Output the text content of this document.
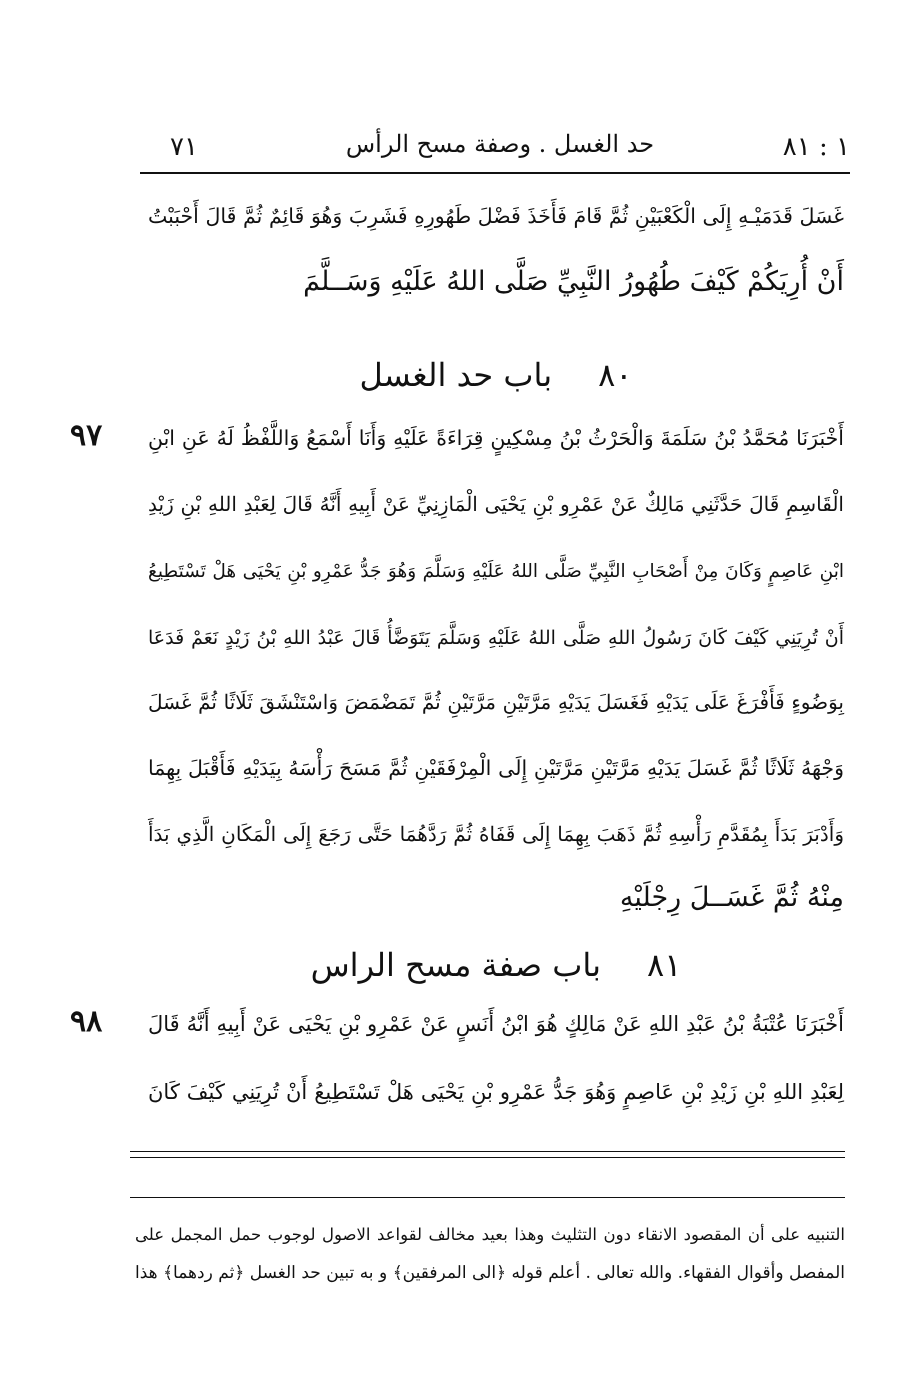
١ : ٨١
حد الغسل . وصفة مسح الرأس
٧١
غَسَلَ قَدَمَيْـهِ إِلَى الْكَعْبَيْنِ ثُمَّ قَامَ فَأَخَذَ فَضْلَ طَهُورِهِ فَشَرِبَ وَهُوَ قَائِمٌ ثُمَّ قَالَ أَحْبَبْتُ
أَنْ أُرِيَكُمْ كَيْفَ طُهُورُ النَّبِيِّ صَلَّى اللهُ عَلَيْهِ وَسَــلَّمَ
٨٠باب حد الغسل
٩٧	أَخْبَرَنَا مُحَمَّدُ بْنُ سَلَمَةَ وَالْحَرْثُ بْنُ مِسْكِينٍ قِرَاءَةً عَلَيْهِ وَأَنَا أَسْمَعُ وَاللَّفْظُ لَهُ عَنِ ابْنِ
الْقَاسِمِ قَالَ حَدَّثَنِي مَالِكٌ عَنْ عَمْرِو بْنِ يَحْيَى الْمَازِنِيِّ عَنْ أَبِيهِ أَنَّهُ قَالَ لِعَبْدِ اللهِ بْنِ زَيْدِ
ابْنِ عَاصِمٍ وَكَانَ مِنْ أَصْحَابِ النَّبِيِّ صَلَّى اللهُ عَلَيْهِ وَسَلَّمَ وَهُوَ جَدُّ عَمْرِو بْنِ يَحْيَى هَلْ تَسْتَطِيعُ
أَنْ تُرِيَنِي كَيْفَ كَانَ رَسُولُ اللهِ صَلَّى اللهُ عَلَيْهِ وَسَلَّمَ يَتَوَضَّأُ قَالَ عَبْدُ اللهِ بْنُ زَيْدٍ نَعَمْ فَدَعَا
بِوَضُوءٍ فَأَفْرَغَ عَلَى يَدَيْهِ فَغَسَلَ يَدَيْهِ مَرَّتَيْنِ مَرَّتَيْنِ ثُمَّ تَمَضْمَضَ وَاسْتَنْشَقَ ثَلَاثًا ثُمَّ غَسَلَ
وَجْهَهُ ثَلَاثًا ثُمَّ غَسَلَ يَدَيْهِ مَرَّتَيْنِ مَرَّتَيْنِ إِلَى الْمِرْفَقَيْنِ ثُمَّ مَسَحَ رَأْسَهُ بِيَدَيْهِ فَأَقْبَلَ بِهِمَا
وَأَدْبَرَ بَدَأَ بِمُقَدَّمِ رَأْسِهِ ثُمَّ ذَهَبَ بِهِمَا إِلَى قَفَاهُ ثُمَّ رَدَّهُمَا حَتَّى رَجَعَ إِلَى الْمَكَانِ الَّذِي بَدَأَ
مِنْهُ ثُمَّ غَسَــلَ رِجْلَيْهِ
٨١باب صفة مسح الراس
٩٨	أَخْبَرَنَا عُتْبَةُ بْنُ عَبْدِ اللهِ عَنْ مَالِكٍ هُوَ ابْنُ أَنَسٍ عَنْ عَمْرِو بْنِ يَحْيَى عَنْ أَبِيهِ أَنَّهُ قَالَ
لِعَبْدِ اللهِ بْنِ زَيْدِ بْنِ عَاصِمٍ وَهُوَ جَدُّ عَمْرِو بْنِ يَحْيَى هَلْ تَسْتَطِيعُ أَنْ تُرِيَنِي كَيْفَ كَانَ
التنبيه على أن المقصود الانقاء دون التثليث وهذا بعيد مخالف لقواعد الاصول لوجوب حمل المجمل على
المفصل وأقوال الفقهاء. والله تعالى . أعلم قوله ﴿الى المرفقين﴾ و به تبين حد الغسل ﴿ثم ردهما﴾ هذا
